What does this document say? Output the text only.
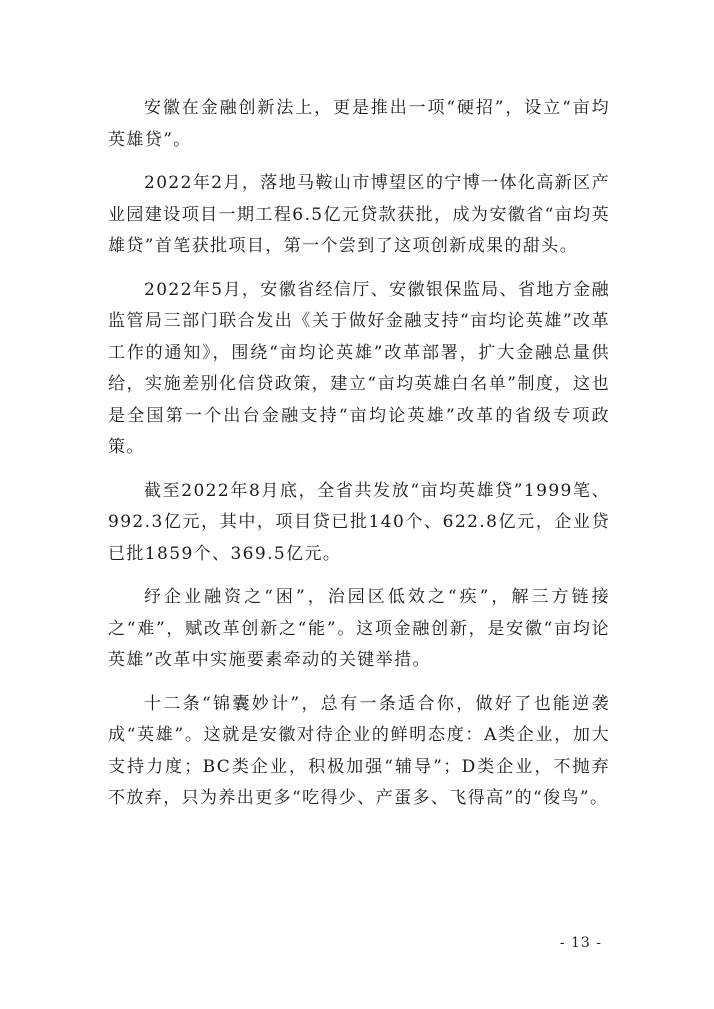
安徽在金融创新法上，更是推出一项“硬招”，设立“亩均英雄贷”。

2022年2月，落地马鞍山市博望区的宁博一体化高新区产业园建设项目一期工程6.5亿元贷款获批，成为安徽省“亩均英雄贷”首笔获批项目，第一个尝到了这项创新成果的甜头。

2022年5月，安徽省经信厅、安徽银保监局、省地方金融监管局三部门联合发出《关于做好金融支持“亩均论英雄”改革工作的通知》，围绕“亩均论英雄”改革部署，扩大金融总量供给，实施差别化信贷政策，建立“亩均英雄白名单”制度，这也是全国第一个出台金融支持“亩均论英雄”改革的省级专项政策。

截至2022年8月底，全省共发放“亩均英雄贷”1999笔、992.3亿元，其中，项目贷已批140个、622.8亿元，企业贷已批1859个、369.5亿元。

纾企业融资之“困”，治园区低效之“疾”，解三方链接之“难”，赋改革创新之“能”。这项金融创新，是安徽“亩均论英雄”改革中实施要素牵动的关键举措。

十二条“锦囊妙计”，总有一条适合你，做好了也能逆袭成“英雄”。这就是安徽对待企业的鲜明态度：A类企业，加大支持力度；BC类企业，积极加强“辅导”；D类企业，不抛弃不放弃，只为养出更多“吃得少、产蛋多、飞得高”的“俊鸟”。

- 13 -
